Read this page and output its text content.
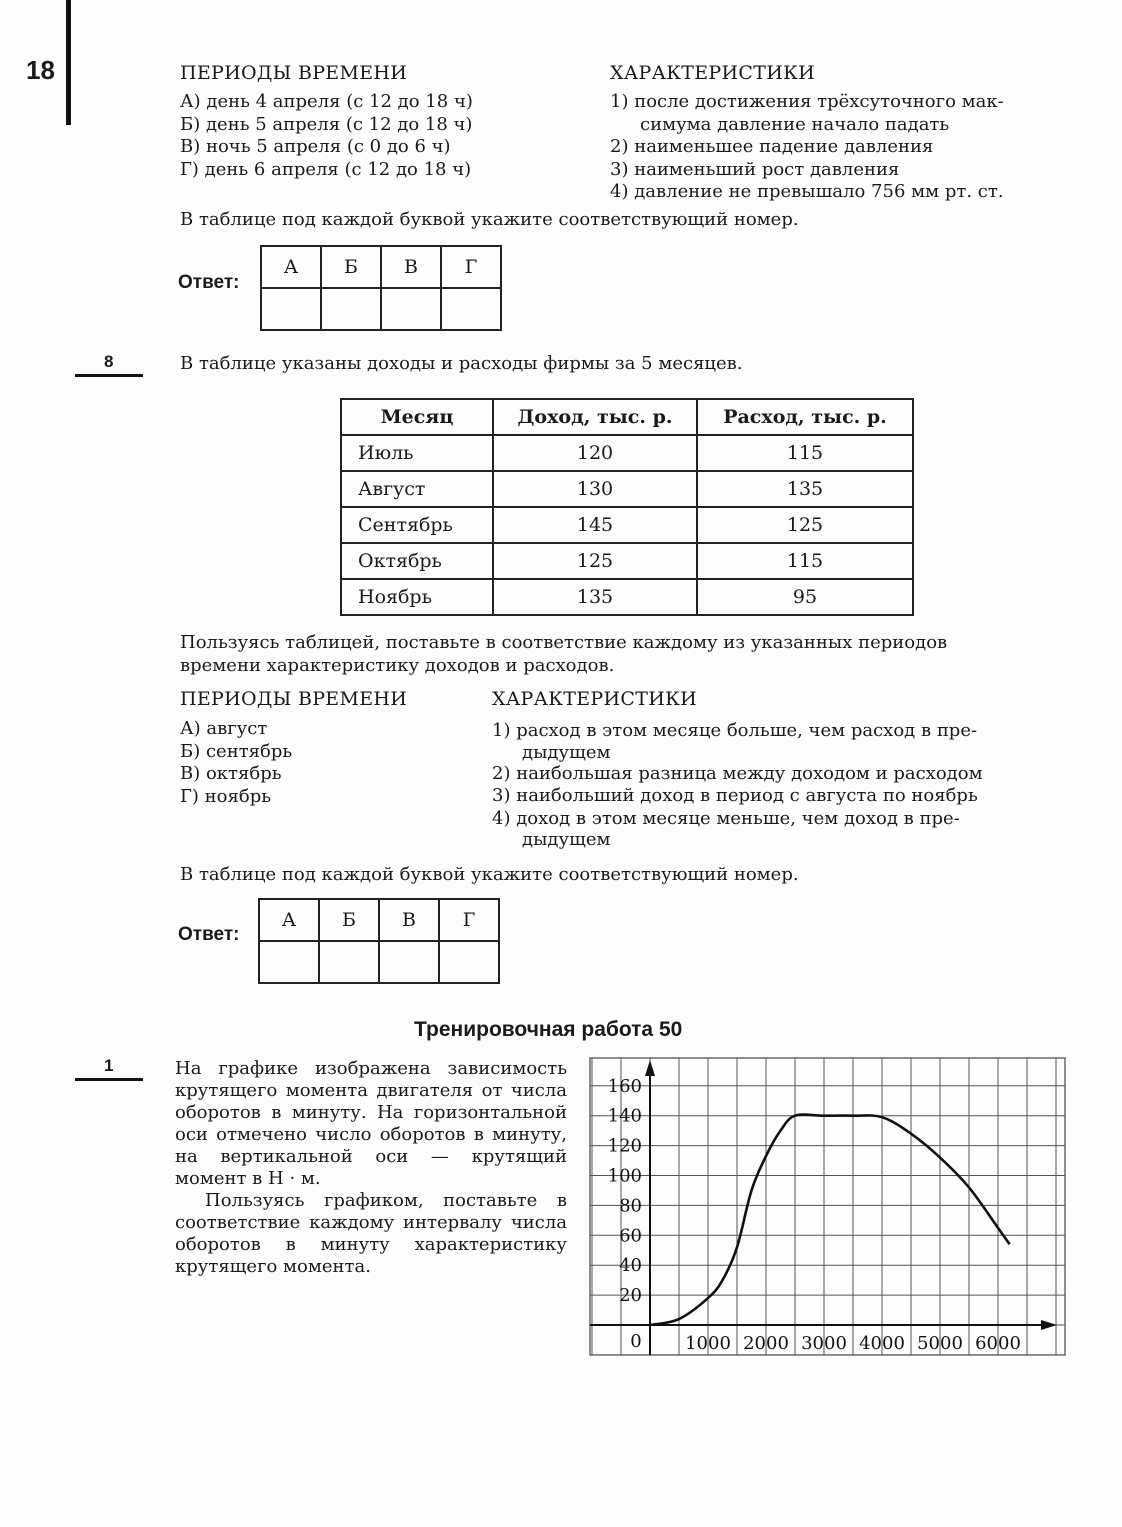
18	ПЕРИОДЫ ВРЕМЕНИ	ХАРАКТЕРИСТИКИ
А) день 4 апреля (с 12 до 18 ч)
Б) день 5 апреля (с 12 до 18 ч)
В) ночь 5 апреля (с 0 до 6 ч)
Г) день 6 апреля (с 12 до 18 ч)
1) после достижения трёхсуточного мак-
симума давление начало падать
2) наименьшее падение давления
3) наименьший рост давления
4) давление не превышало 756 мм рт. ст.
В таблице под каждой буквой укажите соответствующий номер.
Ответ:
А	Б	В	Г

8	В таблице указаны доходы и расходы фирмы за 5 месяцев.
Месяц	Доход, тыс. р.	Расход, тыс. р.
Июль	120	115
Август	130	135
Сентябрь	145	125
Октябрь	125	115
Ноябрь	135	95
Пользуясь таблицей, поставьте в соответствие каждому из указанных периодов
времени характеристику доходов и расходов.
ПЕРИОДЫ ВРЕМЕНИ	ХАРАКТЕРИСТИКИ
А) август
Б) сентябрь
В) октябрь
Г) ноябрь
1) расход в этом месяце больше, чем расход в пре-
дыдущем
2) наибольшая разница между доходом и расходом
3) наибольший доход в период с августа по ноябрь
4) доход в этом месяце меньше, чем доход в пре-
дыдущем
В таблице под каждой буквой укажите соответствующий номер.
Ответ:
А	Б	В	Г

Тренировочная работа 50
1	На графике изображена зависимость крутящего момента двигателя от числа оборотов в минуту. На горизонтальной оси отмечено число оборотов в минуту, на вертикальной оси — крутящий момент в Н · м.
Пользуясь графиком, поставьте в соответствие каждому интервалу числа оборотов в минуту характеристику крутящего момента.
1000 2000 3000 4000 5000 6000
20
40
60
80
100
120
140
160
0
